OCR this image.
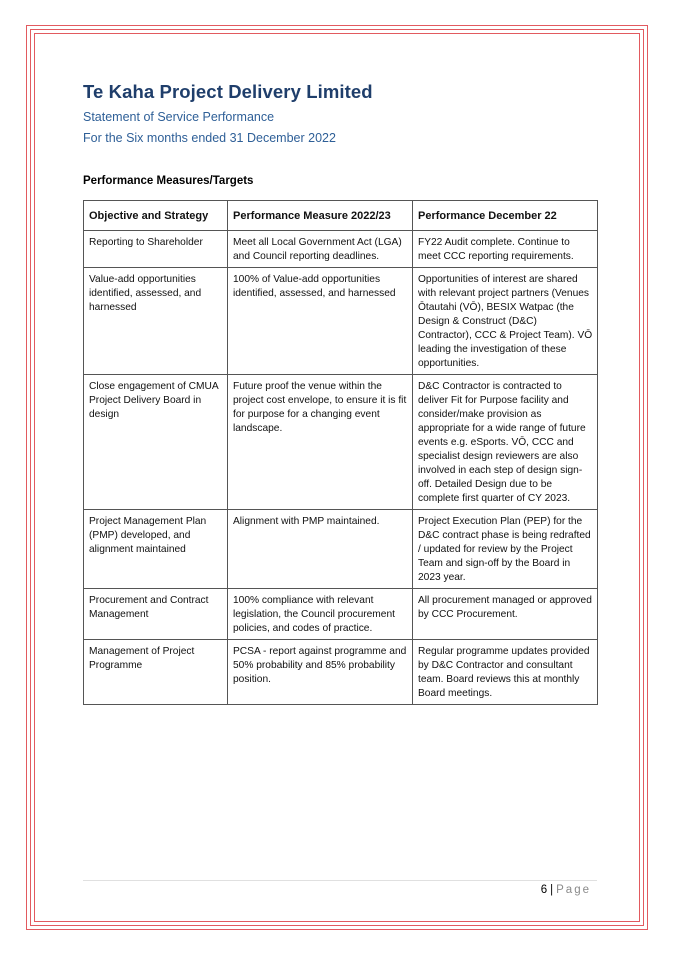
Te Kaha Project Delivery Limited

Statement of Service Performance

For the Six months ended 31 December 2022

Performance Measures/Targets
Objective and Strategy	Performance Measure 2022/23	Performance December 22
Reporting to Shareholder	Meet all Local Government Act (LGA) and Council reporting deadlines.	FY22 Audit complete. Continue to meet CCC reporting requirements.
Value-add opportunities identified, assessed, and harnessed	100% of Value-add opportunities identified, assessed, and harnessed	Opportunities of interest are shared with relevant project partners (Venues Ōtautahi (VŌ), BESIX Watpac (the Design & Construct (D&C) Contractor), CCC & Project Team). VŌ leading the investigation of these opportunities.
Close engagement of CMUA Project Delivery Board in design	Future proof the venue within the project cost envelope, to ensure it is fit for purpose for a changing event landscape.	D&C Contractor is contracted to deliver Fit for Purpose facility and consider/make provision as appropriate for a wide range of future events e.g. eSports. VŌ, CCC and specialist design reviewers are also involved in each step of design sign-off. Detailed Design due to be complete first quarter of CY 2023.
Project Management Plan (PMP) developed, and alignment maintained	Alignment with PMP maintained.	Project Execution Plan (PEP) for the D&C contract phase is being redrafted / updated for review by the Project Team and sign-off by the Board in 2023 year.
Procurement and Contract Management	100% compliance with relevant legislation, the Council procurement policies, and codes of practice.	All procurement managed or approved by CCC Procurement.
Management of Project Programme	PCSA - report against programme and 50% probability and 85% probability position.	Regular programme updates provided by D&C Contractor and consultant team. Board reviews this at monthly Board meetings.
6 | Page
